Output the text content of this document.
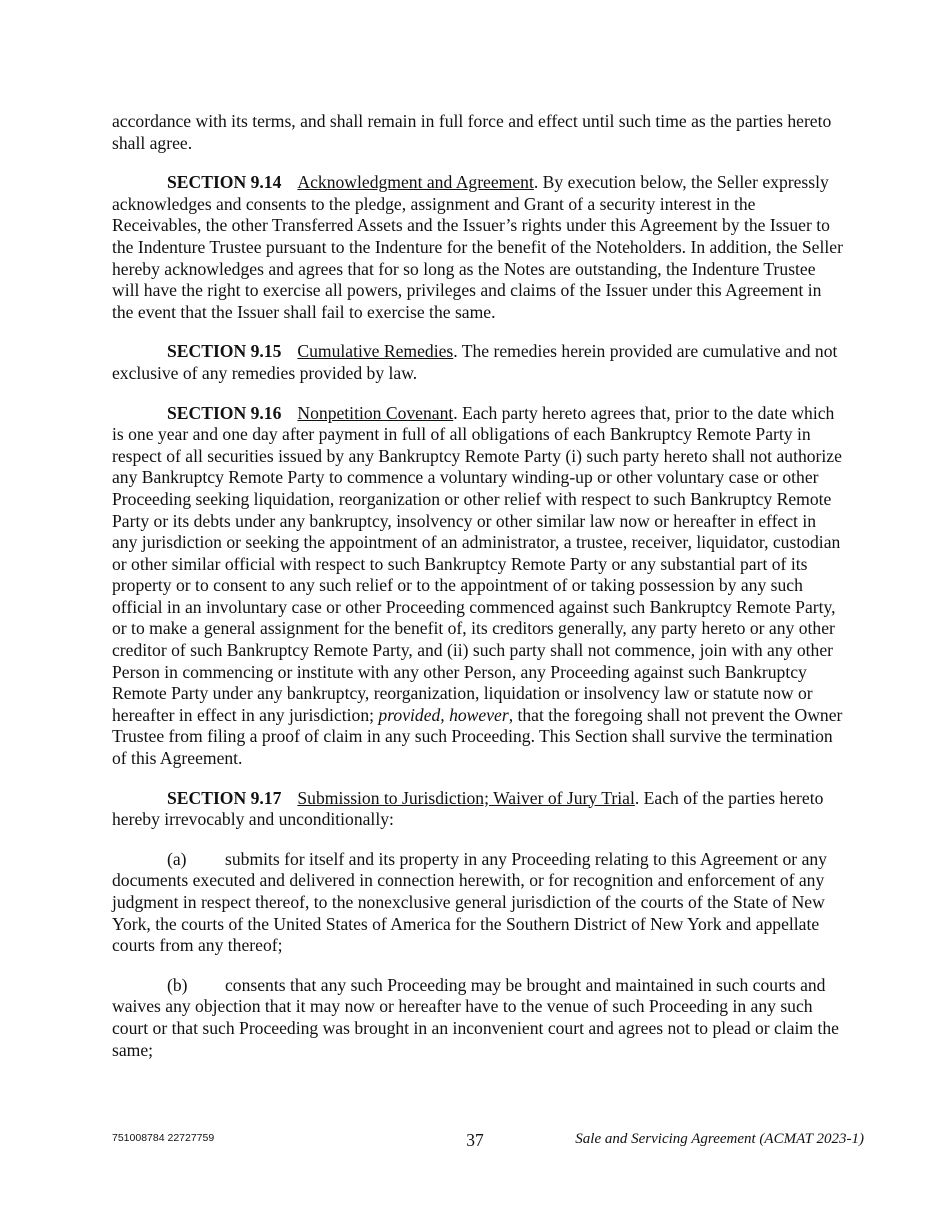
accordance with its terms, and shall remain in full force and effect until such time as the parties hereto shall agree.

SECTION 9.14 Acknowledgment and Agreement. By execution below, the Seller expressly acknowledges and consents to the pledge, assignment and Grant of a security interest in the Receivables, the other Transferred Assets and the Issuer’s rights under this Agreement by the Issuer to the Indenture Trustee pursuant to the Indenture for the benefit of the Noteholders. In addition, the Seller hereby acknowledges and agrees that for so long as the Notes are outstanding, the Indenture Trustee will have the right to exercise all powers, privileges and claims of the Issuer under this Agreement in the event that the Issuer shall fail to exercise the same.

SECTION 9.15 Cumulative Remedies. The remedies herein provided are cumulative and not exclusive of any remedies provided by law.

SECTION 9.16 Nonpetition Covenant. Each party hereto agrees that, prior to the date which is one year and one day after payment in full of all obligations of each Bankruptcy Remote Party in respect of all securities issued by any Bankruptcy Remote Party (i) such party hereto shall not authorize any Bankruptcy Remote Party to commence a voluntary winding-up or other voluntary case or other Proceeding seeking liquidation, reorganization or other relief with respect to such Bankruptcy Remote Party or its debts under any bankruptcy, insolvency or other similar law now or hereafter in effect in any jurisdiction or seeking the appointment of an administrator, a trustee, receiver, liquidator, custodian or other similar official with respect to such Bankruptcy Remote Party or any substantial part of its property or to consent to any such relief or to the appointment of or taking possession by any such official in an involuntary case or other Proceeding commenced against such Bankruptcy Remote Party, or to make a general assignment for the benefit of, its creditors generally, any party hereto or any other creditor of such Bankruptcy Remote Party, and (ii) such party shall not commence, join with any other Person in commencing or institute with any other Person, any Proceeding against such Bankruptcy Remote Party under any bankruptcy, reorganization, liquidation or insolvency law or statute now or hereafter in effect in any jurisdiction; provided, however, that the foregoing shall not prevent the Owner Trustee from filing a proof of claim in any such Proceeding. This Section shall survive the termination of this Agreement.

SECTION 9.17 Submission to Jurisdiction; Waiver of Jury Trial. Each of the parties hereto hereby irrevocably and unconditionally:

(a) submits for itself and its property in any Proceeding relating to this Agreement or any documents executed and delivered in connection herewith, or for recognition and enforcement of any judgment in respect thereof, to the nonexclusive general jurisdiction of the courts of the State of New York, the courts of the United States of America for the Southern District of New York and appellate courts from any thereof;

(b) consents that any such Proceeding may be brought and maintained in such courts and waives any objection that it may now or hereafter have to the venue of such Proceeding in any such court or that such Proceeding was brought in an inconvenient court and agrees not to plead or claim the same;

751008784 22727759	37	Sale and Servicing Agreement (ACMAT 2023-1)
